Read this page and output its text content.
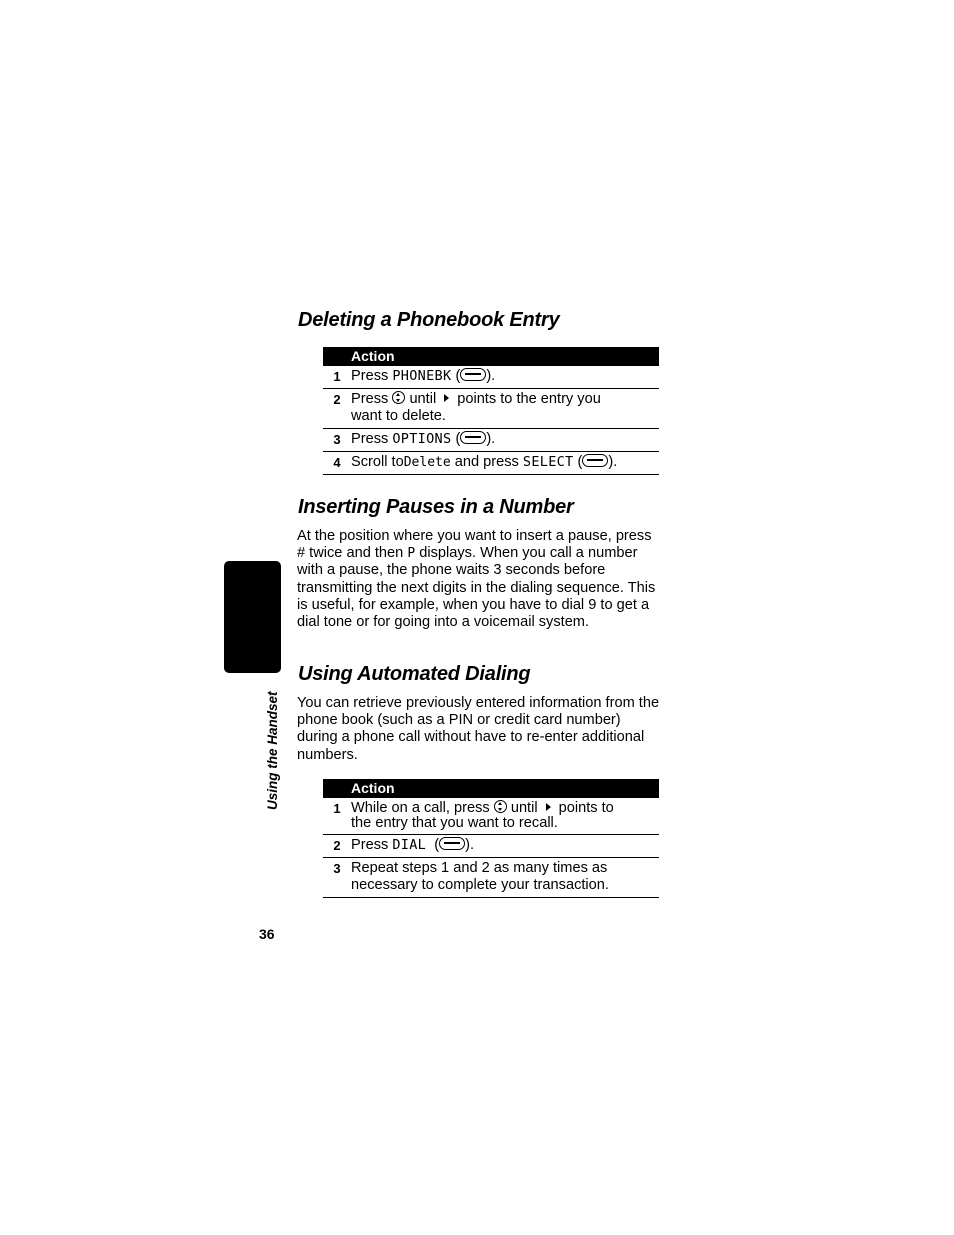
Using the Handset
Deleting a Phonebook Entry
	Action
1	Press PHONEBK ( ).
2	Press until points to the entry you
want to delete.
3	Press OPTIONS ( ).
4	Scroll toDelete and press SELECT ( ).
Inserting Pauses in a Number

At the position where you want to insert a pause, press # twice and then P displays. When you call a number with a pause, the phone waits 3 seconds before transmitting the next digits in the dialing sequence. This is useful, for example, when you have to dial 9 to get a dial tone or for going into a voicemail system.

Using Automated Dialing

You can retrieve previously entered information from the phone book (such as a PIN or credit card number) during a phone call without have to re-enter additional numbers.

	Action
1	While on a call, press until points to
the entry that you want to recall.
2	Press DIAL ( ).
3	Repeat steps 1 and 2 as many times as
necessary to complete your transaction.
36
